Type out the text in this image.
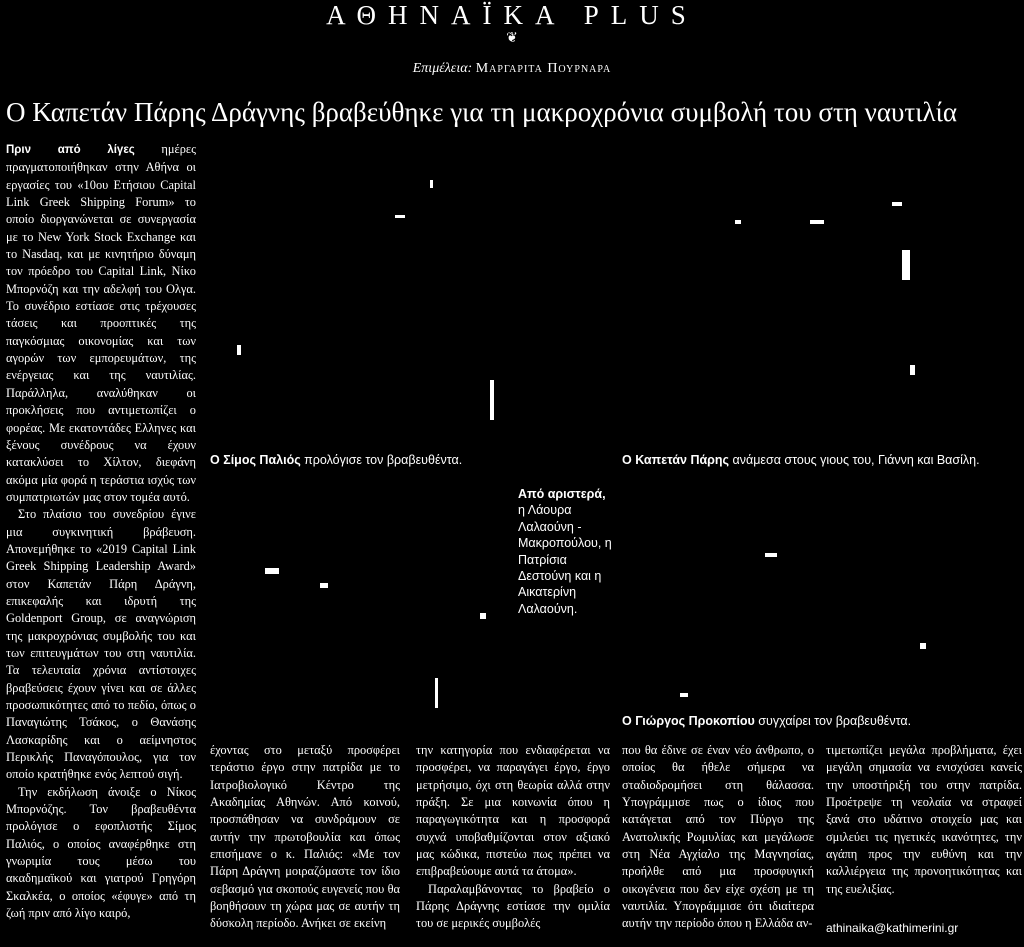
ΑΘΗΝΑΪΚΑ PLUS
❦
Επιμέλεια: Μαργαριτα Πουρναρα
Ο Καπετάν Πάρης Δράγνης βραβεύθηκε για τη μακροχρόνια συμβολή του στη ναυτιλία

Πριν από λίγες ημέρες πραγματοποιήθηκαν στην Αθήνα οι εργασίες του «10ου Ετήσιου Capital Link Greek Shipping Forum» το οποίο διοργανώνεται σε συνεργασία με το New York Stock Exchange και το Nasdaq, και με κινητήριο δύναμη τον πρόεδρο του Capital Link, Νίκο Μπορνόζη και την αδελφή του Ολγα. Το συνέδριο εστίασε στις τρέχουσες τάσεις και προοπτικές της παγκόσμιας οικονομίας και των αγορών των εμπορευμάτων, της ενέργειας και της ναυτιλίας. Παράλληλα, αναλύθηκαν οι προκλήσεις που αντιμετωπίζει ο φορέας. Με εκατοντάδες Ελληνες και ξένους συνέδρους να έχουν κατακλύσει το Χίλτον, διεφάνη ακόμα μία φορά η τεράστια ισχύς των συμπατριωτών μας στον τομέα αυτό.

Στο πλαίσιο του συνεδρίου έγινε μια συγκινητική βράβευση. Απονεμήθηκε το «2019 Capital Link Greek Shipping Leadership Award» στον Καπετάν Πάρη Δράγνη, επικεφαλής και ιδρυτή της Goldenport Group, σε αναγνώριση της μακροχρόνιας συμβολής του και των επιτευγμάτων του στη ναυτιλία. Τα τελευταία χρόνια αντίστοιχες βραβεύσεις έχουν γίνει και σε άλλες προσωπικότητες από το πεδίο, όπως ο Παναγιώτης Τσάκος, ο Θανάσης Λασκαρίδης και ο αείμνηστος Περικλής Παναγόπουλος, για τον οποίο κρατήθηκε ενός λεπτού σιγή.

Την εκδήλωση άνοιξε ο Νίκος Μπορνόζης. Τον βραβευθέντα προλόγισε ο εφοπλιστής Σίμος Παλιός, ο οποίος αναφέρθηκε στη γνωριμία τους μέσω του ακαδημαϊκού και γιατρού Γρηγόρη Σκαλκέα, ο οποίος «έφυγε» από τη ζωή πριν από λίγο καιρό,

Ο Σίμος Παλιός προλόγισε τον βραβευθέντα.	Ο Καπετάν Πάρης ανάμεσα στους γιους του, Γιάννη και Βασίλη.
Από αριστερά, η Λάουρα Λαλαούνη - Μακροπούλου, η Πατρίσια Δεστούνη και η Αικατερίνη Λαλαούνη.
Ο Γιώργος Προκοπίου συγχαίρει τον βραβευθέντα.

έχοντας στο μεταξύ προσφέρει τεράστιο έργο στην πατρίδα με το Ιατροβιολογικό Κέντρο της Ακαδημίας Αθηνών. Από κοινού, προσπάθησαν να συνδράμουν σε αυτήν την πρωτοβουλία και όπως επισήμανε ο κ. Παλιός: «Με τον Πάρη Δράγνη μοιραζόμαστε τον ίδιο σεβασμό για σκοπούς ευγενείς που θα βοηθήσουν τη χώρα μας σε αυτήν τη δύσκολη περίοδο. Ανήκει σε εκείνη

την κατηγορία που ενδιαφέρεται να προσφέρει, να παραγάγει έργο, έργο μετρήσιμο, όχι στη θεωρία αλλά στην πράξη. Σε μια κοινωνία όπου η παραγωγικότητα και η προσφορά συχνά υποβαθμίζονται στον αξιακό μας κώδικα, πιστεύω πως πρέπει να επιβραβεύουμε αυτά τα άτομα».

Παραλαμβάνοντας το βραβείο ο Πάρης Δράγνης εστίασε την ομιλία του σε μερικές συμβολές

που θα έδινε σε έναν νέο άνθρωπο, ο οποίος θα ήθελε σήμερα να σταδιοδρομήσει στη θάλασσα. Υπογράμμισε πως ο ίδιος που κατάγεται από τον Πύργο της Ανατολικής Ρωμυλίας και μεγάλωσε στη Νέα Αγχίαλο της Μαγνησίας, προήλθε από μια προσφυγική οικογένεια που δεν είχε σχέση με τη ναυτιλία. Υπογράμμισε ότι ιδιαίτερα αυτήν την περίοδο όπου η Ελλάδα αν-

τιμετωπίζει μεγάλα προβλήματα, έχει μεγάλη σημασία να ενισχύσει κανείς την υποστήριξή του στην πατρίδα. Προέτρεψε τη νεολαία να στραφεί ξανά στο υδάτινο στοιχείο μας και σμιλεύει τις ηγετικές ικανότητες, την αγάπη προς την ευθύνη και την καλλιέργεια της προνοητικότητας και της ευελιξίας.

athinaika@kathimerini.gr
